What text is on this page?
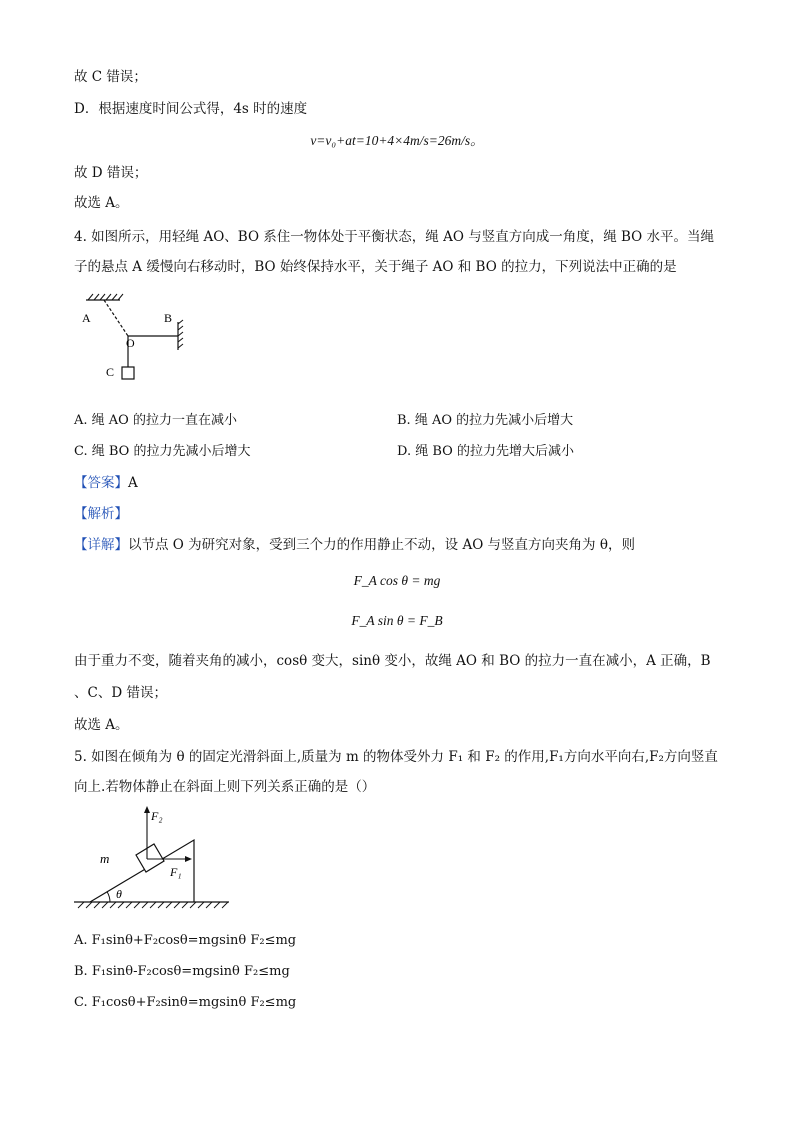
故 C 错误；
D．根据速度时间公式得，4s 时的速度
v=v₀+at=10+4×4m/s=26m/s。
故 D 错误；
故选 A。
4. 如图所示，用轻绳 AO、BO 系住一物体处于平衡状态，绳 AO 与竖直方向成一角度，绳 BO 水平。当绳
子的悬点 A 缓慢向右移动时，BO 始终保持水平，关于绳子 AO 和 BO 的拉力，下列说法中正确的是
A	B
O
C
A. 绳 AO 的拉力一直在减小	B. 绳 AO 的拉力先减小后增大
C. 绳 BO 的拉力先减小后增大	D. 绳 BO 的拉力先增大后减小
【答案】A
【解析】
【详解】以节点 O 为研究对象，受到三个力的作用静止不动，设 AO 与竖直方向夹角为 θ，则
F_A cos θ = mg
F_A sin θ = F_B
由于重力不变，随着夹角的减小，cosθ 变大，sinθ 变小，故绳 AO 和 BO 的拉力一直在减小，A 正确，B
、C、D 错误；
故选 A。
5. 如图在倾角为 θ 的固定光滑斜面上,质量为 m 的物体受外力 F₁ 和 F₂ 的作用,F₁方向水平向右,F₂方向竖直
向上.若物体静止在斜面上则下列关系正确的是（）
θ
F₂
F₁
m
A. F₁sinθ+F₂cosθ=mgsinθ F₂≤mg
B. F₁sinθ-F₂cosθ=mgsinθ F₂≤mg
C. F₁cosθ+F₂sinθ=mgsinθ F₂≤mg
